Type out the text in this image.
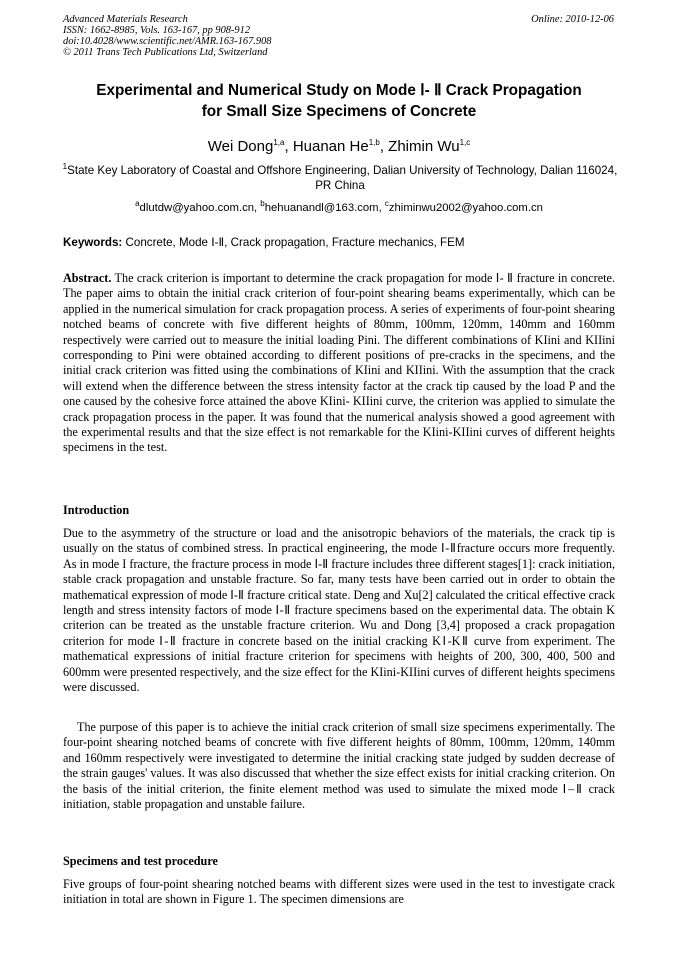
Advanced Materials Research
ISSN: 1662-8985, Vols. 163-167, pp 908-912
doi:10.4028/www.scientific.net/AMR.163-167.908
© 2011 Trans Tech Publications Ltd, Switzerland
Online: 2010-12-06
Experimental and Numerical Study on Mode Ⅰ- Ⅱ Crack Propagation
for Small Size Specimens of Concrete
Wei Dong$^{1,a}$, Huanan He$^{1,b}$, Zhimin Wu$^{1,c}$
$^1$State Key Laboratory of Coastal and Offshore Engineering, Dalian University of Technology, Dalian 116024, PR China
$^a$dlutdw@yahoo.com.cn, $^b$hehuanandl@163.com, $^c$zhiminwu2002@yahoo.com.cn
Keywords: Concrete, Mode Ⅰ-Ⅱ, Crack propagation, Fracture mechanics, FEM
Abstract. The crack criterion is important to determine the crack propagation for mode Ⅰ- Ⅱ fracture in concrete. The paper aims to obtain the initial crack criterion of four-point shearing beams experimentally, which can be applied in the numerical simulation for crack propagation process. A series of experiments of four-point shearing notched beams of concrete with five different heights of 80mm, 100mm, 120mm, 140mm and 160mm respectively were carried out to measure the initial loading Pini. The different combinations of KIini and KIIini corresponding to Pini were obtained according to different positions of pre-cracks in the specimens, and the initial crack criterion was fitted using the combinations of KIini and KIIini. With the assumption that the crack will extend when the difference between the stress intensity factor at the crack tip caused by the load P and the one caused by the cohesive force attained the above KIini- KIIini curve, the criterion was applied to simulate the crack propagation process in the paper. It was found that the numerical analysis showed a good agreement with the experimental results and that the size effect is not remarkable for the KIini-KIIini curves of different heights specimens in the test.
Introduction
Due to the asymmetry of the structure or load and the anisotropic behaviors of the materials, the crack tip is usually on the status of combined stress. In practical engineering, the mode Ⅰ-Ⅱfracture occurs more frequently. As in mode I fracture, the fracture process in mode Ⅰ-Ⅱ fracture includes three different stages[1]: crack initiation, stable crack propagation and unstable fracture. So far, many tests have been carried out in order to obtain the mathematical expression of mode Ⅰ-Ⅱ fracture critical state. Deng and Xu[2] calculated the critical effective crack length and stress intensity factors of mode Ⅰ-Ⅱ fracture specimens based on the experimental data. The obtain K criterion can be treated as the unstable fracture criterion. Wu and Dong [3,4] proposed a crack propagation criterion for mode Ⅰ-Ⅱ fracture in concrete based on the initial cracking KⅠ-KⅡ curve from experiment. The mathematical expressions of initial fracture criterion for specimens with heights of 200, 300, 400, 500 and 600mm were presented respectively, and the size effect for the KIini-KIIini curves of different heights specimens were discussed.
The purpose of this paper is to achieve the initial crack criterion of small size specimens experimentally. The four-point shearing notched beams of concrete with five different heights of 80mm, 100mm, 120mm, 140mm and 160mm respectively were investigated to determine the initial cracking state judged by sudden decrease of the strain gauges' values. It was also discussed that whether the size effect exists for initial cracking criterion. On the basis of the initial criterion, the finite element method was used to simulate the mixed mode Ⅰ–Ⅱ crack initiation, stable propagation and unstable failure.
Specimens and test procedure
Five groups of four-point shearing notched beams with different sizes were used in the test to investigate crack initiation in total are shown in Figure 1. The specimen dimensions are
